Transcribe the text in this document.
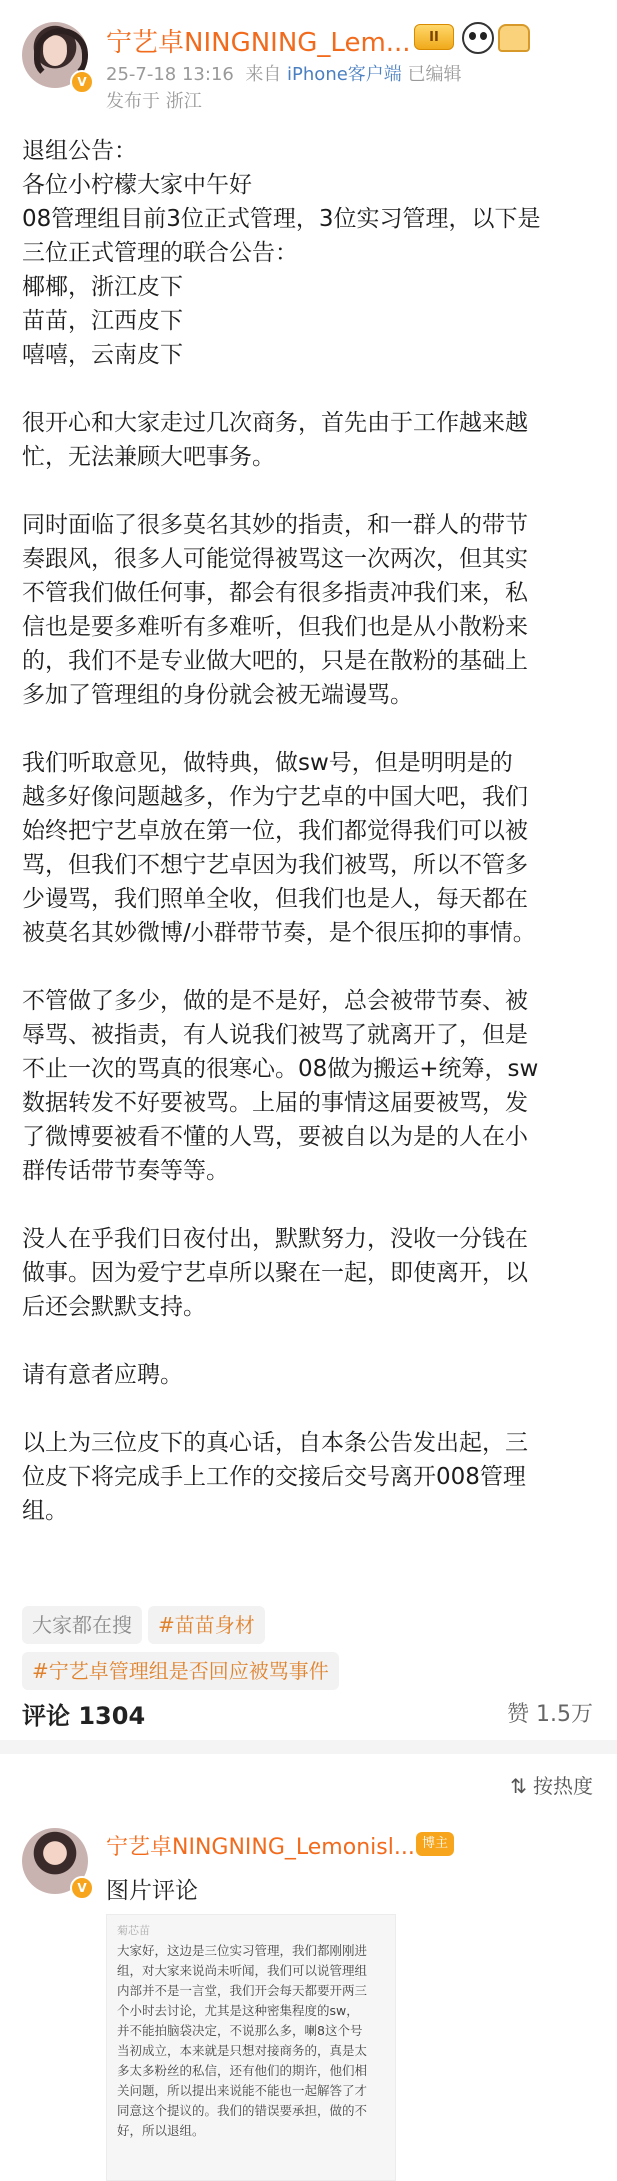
V
宁艺卓NINGNING_Lem...	II
25-7-18 13:16 来自 iPhone客户端 已编辑
发布于 浙江

退组公告：
各位小柠檬大家中午好
08管理组目前3位正式管理，3位实习管理，以下是
三位正式管理的联合公告：
椰椰，浙江皮下
苗苗，江西皮下
嘻嘻，云南皮下

很开心和大家走过几次商务，首先由于工作越来越
忙，无法兼顾大吧事务。

同时面临了很多莫名其妙的指责，和一群人的带节
奏跟风，很多人可能觉得被骂这一次两次，但其实
不管我们做任何事，都会有很多指责冲我们来，私
信也是要多难听有多难听，但我们也是从小散粉来
的，我们不是专业做大吧的，只是在散粉的基础上
多加了管理组的身份就会被无端谩骂。

我们听取意见，做特典，做sw号，但是明明是的
越多好像问题越多，作为宁艺卓的中国大吧，我们
始终把宁艺卓放在第一位，我们都觉得我们可以被
骂，但我们不想宁艺卓因为我们被骂，所以不管多
少谩骂，我们照单全收，但我们也是人，每天都在
被莫名其妙微博/小群带节奏，是个很压抑的事情。

不管做了多少，做的是不是好，总会被带节奏、被
辱骂、被指责，有人说我们被骂了就离开了，但是
不止一次的骂真的很寒心。08做为搬运+统筹，sw
数据转发不好要被骂。上届的事情这届要被骂，发
了微博要被看不懂的人骂，要被自以为是的人在小
群传话带节奏等等。

没人在乎我们日夜付出，默默努力，没收一分钱在
做事。因为爱宁艺卓所以聚在一起，即使离开，以
后还会默默支持。

请有意者应聘。

以上为三位皮下的真心话，自本条公告发出起，三
位皮下将完成手上工作的交接后交号离开008管理
组。

大家都在搜	#苗苗身材
#宁艺卓管理组是否回应被骂事件
评论 1304	赞 1.5万
⇅ 按热度
V
宁艺卓NINGNING_Lemonisl... 博主
图片评论
菊芯苗
大家好，这边是三位实习管理，我们都刚刚进
组，对大家来说尚未听闻，我们可以说管理组
内部并不是一言堂，我们开会每天都要开两三
个小时去讨论，尤其是这种密集程度的sw，
并不能拍脑袋决定，不说那么多，喇8这个号
当初成立，本来就是只想对接商务的，真是太
多太多粉丝的私信，还有他们的期许，他们相
关问题，所以提出来说能不能也一起解答了才
同意这个提议的。我们的错误要承担，做的不
好，所以退组。
